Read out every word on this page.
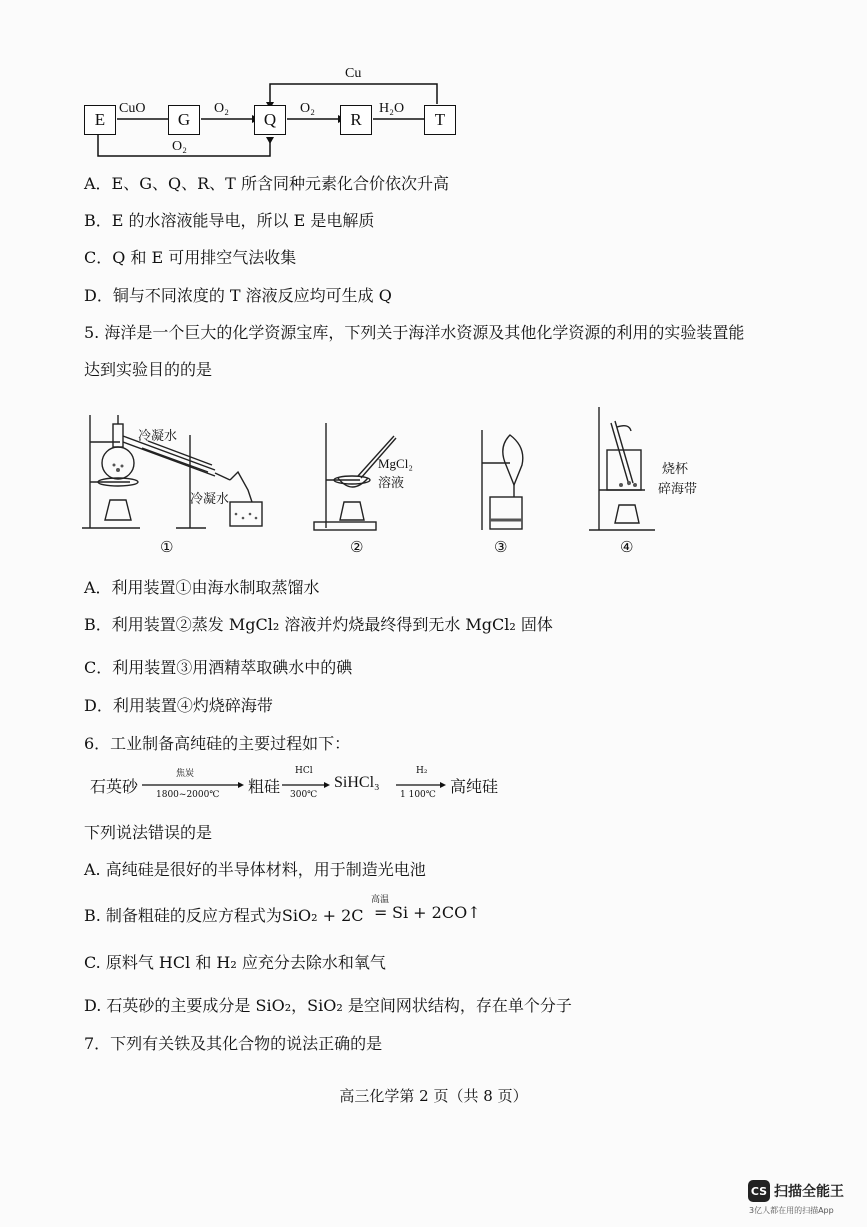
E	G	Q	R	T
CuO	O₂	O₂	H₂O
Cu
O₂
A．E、G、Q、R、T 所含同种元素化合价依次升高
B．E 的水溶液能导电，所以 E 是电解质
C．Q 和 E 可用排空气法收集
D．铜与不同浓度的 T 溶液反应均可生成 Q
5. 海洋是一个巨大的化学资源宝库，下列关于海洋水资源及其他化学资源的利用的实验装置能
达到实验目的的是
冷凝水
冷凝水
①
MgCl₂
溶液
②	③
烧杯
碎海带
④
A．利用装置①由海水制取蒸馏水
B．利用装置②蒸发 MgCl₂ 溶液并灼烧最终得到无水 MgCl₂ 固体
C．利用装置③用酒精萃取碘水中的碘
D．利用装置④灼烧碎海带
6．工业制备高纯硅的主要过程如下：
石英砂
焦炭
1800~2000℃ 粗硅
HCl
300℃
SiHCl₃
H₂
1 100℃ 高纯硅
下列说法错误的是
A. 高纯硅是很好的半导体材料，用于制造光电池
B. 制备粗硅的反应方程式为SiO₂ + 2C
高温
= Si + 2CO↑
C. 原料气 HCl 和 H₂ 应充分去除水和氧气
D. 石英砂的主要成分是 SiO₂，SiO₂ 是空间网状结构，存在单个分子
7．下列有关铁及其化合物的说法正确的是
高三化学第 2 页（共 8 页）
CS 扫描全能王
3亿人都在用的扫描App
